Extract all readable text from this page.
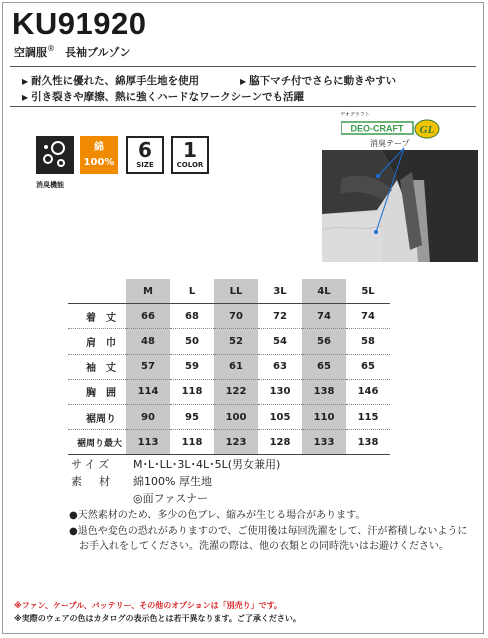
KU91920
空調服® 長袖ブルゾン
▶ 耐久性に優れた、綿厚手生地を使用	▶ 脇下マチ付でさらに動きやすい
▶ 引き裂きや摩擦、熱に強くハードなワークシーンでも活躍
綿
100%
6
SIZE
1
COLOR
消臭機能
デオグラフト
DEO-CRAFT GL
消臭テープ
	M	L	LL	3L	4L	5L
着　丈	66	68	70	72	74	74
肩　巾	48	50	52	54	56	58
袖　丈	57	59	61	63	65	65
胸　囲	114	118	122	130	138	146
裾周り	90	95	100	105	110	115
裾周り最大	113	118	123	128	133	138
サイズ M･L･LL･3L･4L･5L(男女兼用)
素　材 綿100% 厚生地
◎面ファスナー
●天然素材のため、多少の色ブレ、縮みが生じる場合があります。
●退色や変色の恐れがありますので、ご使用後は毎回洗濯をして、汗が蓄積しないようにお手入れをしてください。洗濯の際は、他の衣類との同時洗いはお避けください。
※ファン、ケーブル、バッテリー、その他のオプションは「別売り」です。
※実際のウェアの色はカタログの表示色とは若干異なります。ご了承ください。
